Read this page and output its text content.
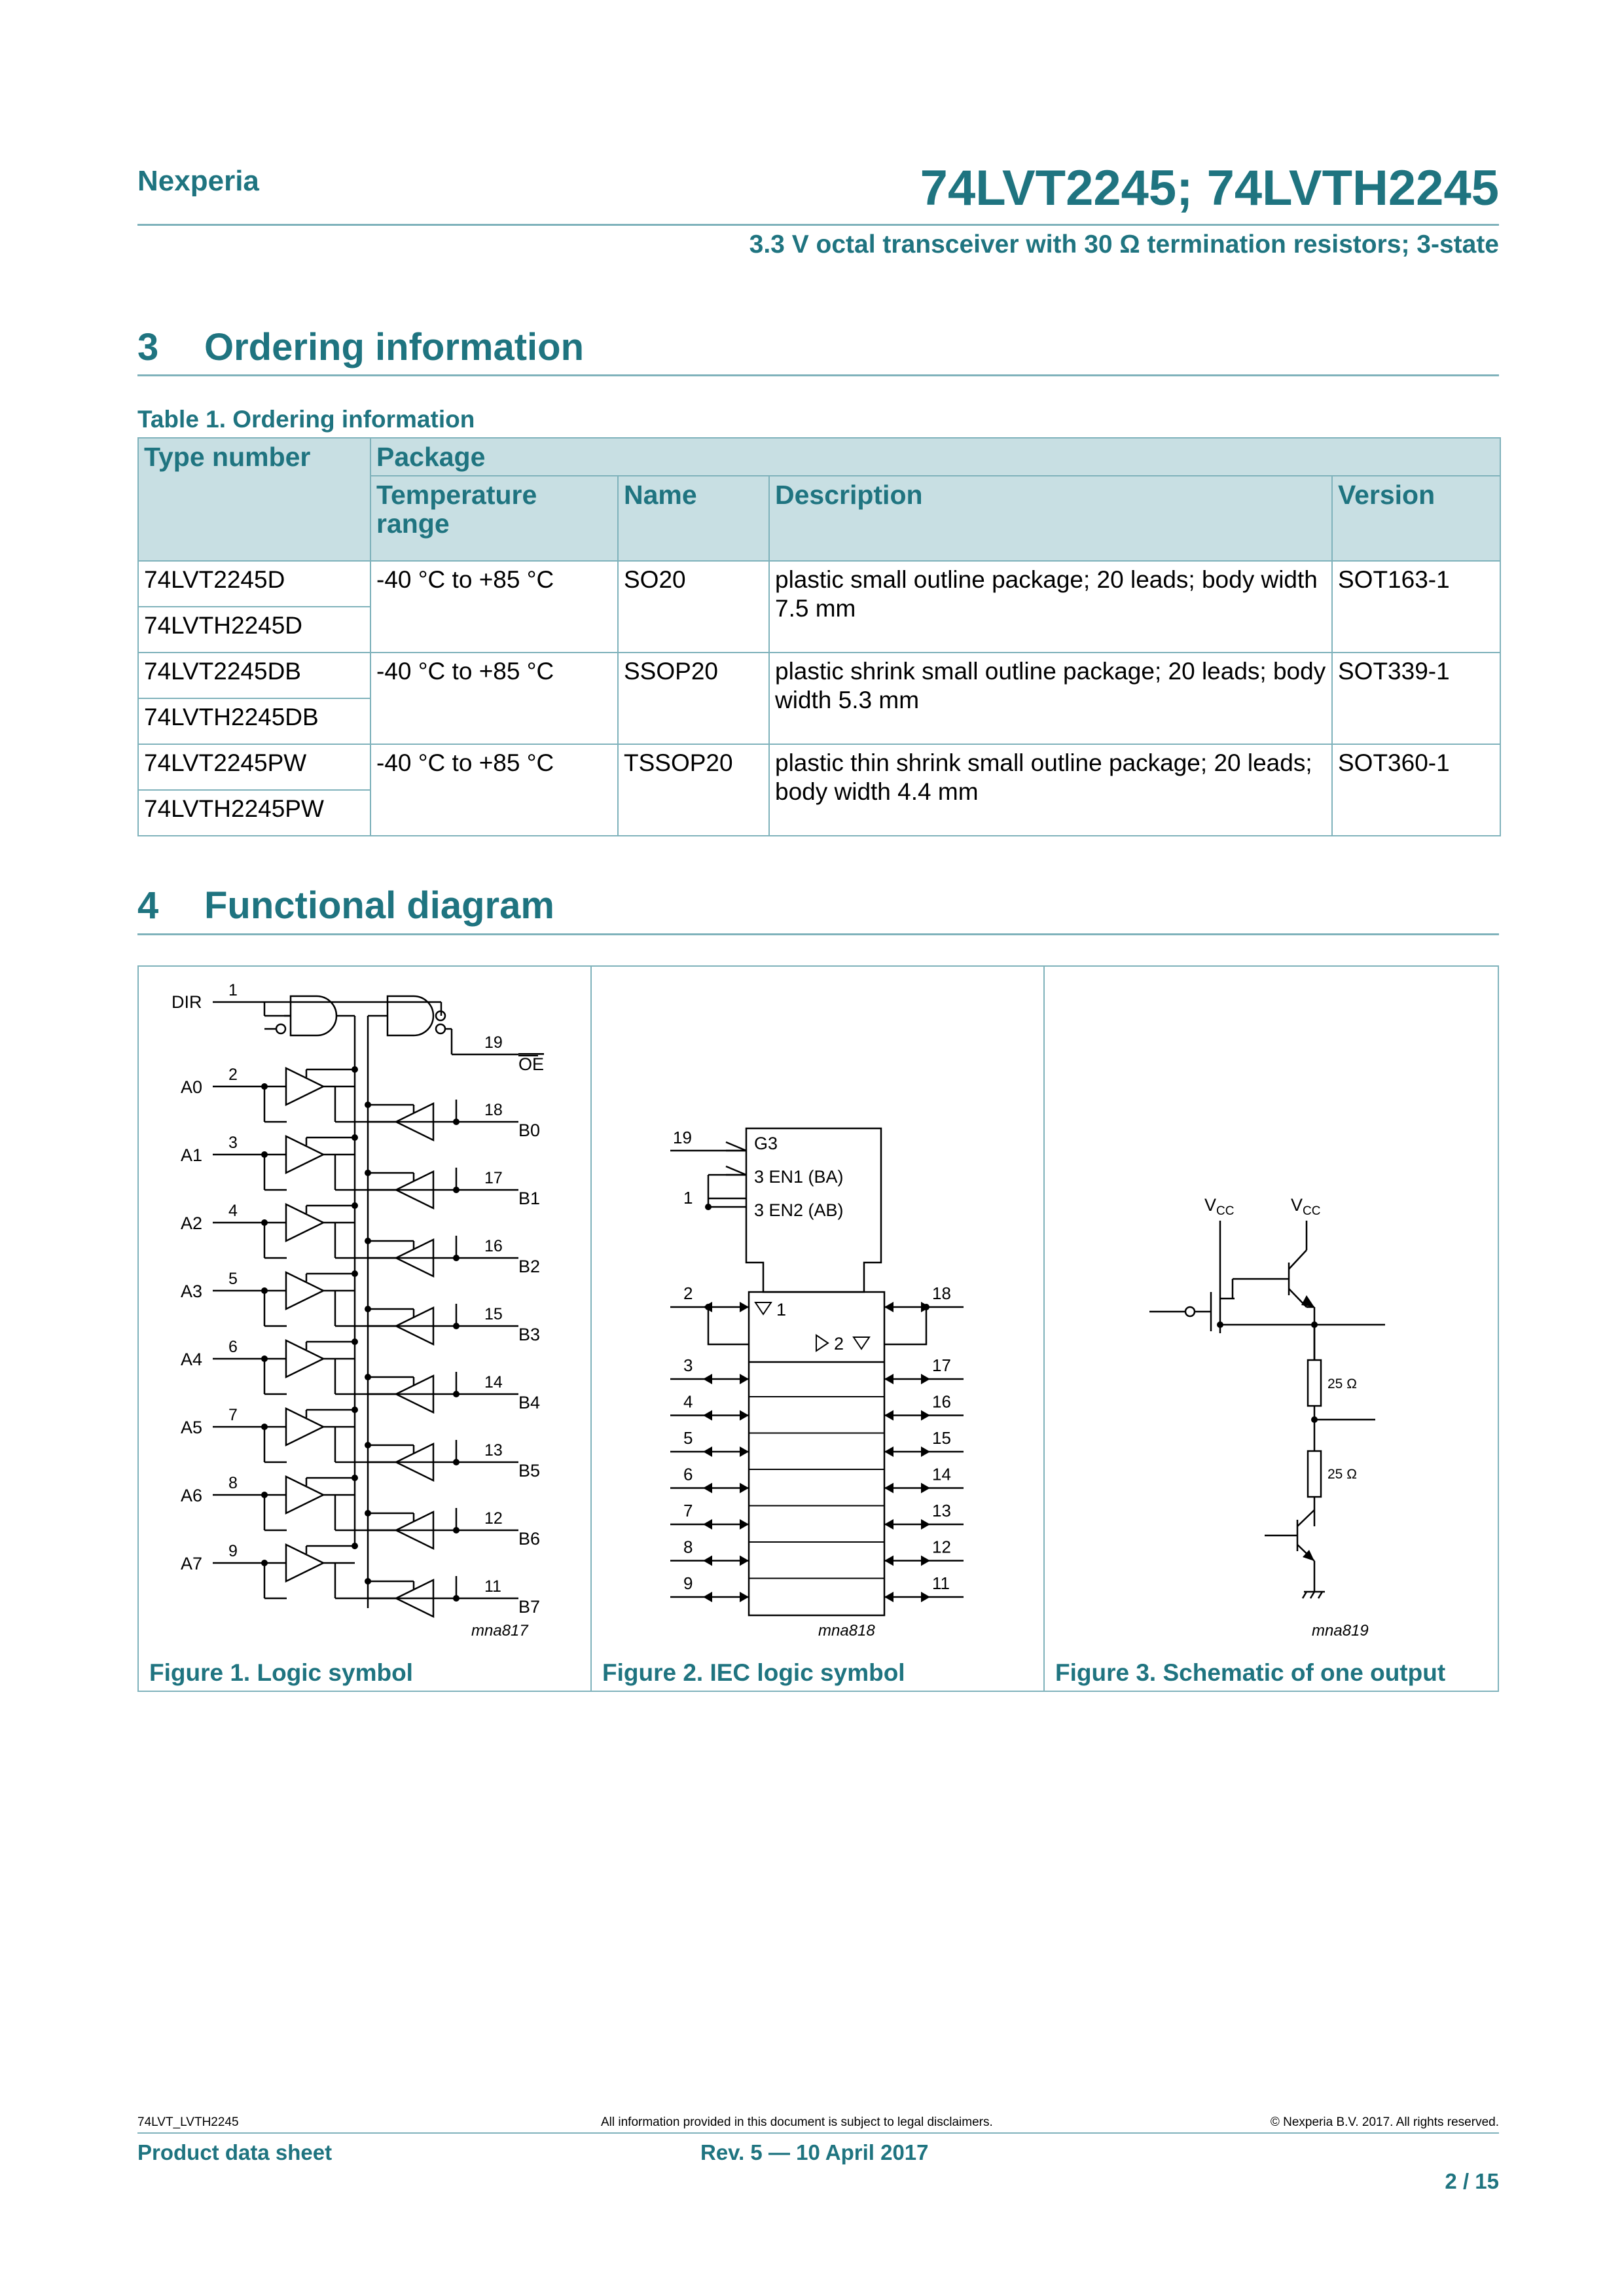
Nexperia	74LVT2245; 74LVTH2245
3.3 V octal transceiver with 30 Ω termination resistors; 3-state
3 Ordering information
Table 1. Ordering information
Type number	Package			
	Temperature range	Name	Description	Version
74LVT2245D	-40 °C to +85 °C	SO20	plastic small outline package; 20 leads; body width 7.5 mm	SOT163-1
74LVTH2245D				
74LVT2245DB	-40 °C to +85 °C	SSOP20	plastic shrink small outline package; 20 leads; body width 5.3 mm	SOT339-1
74LVTH2245DB				
74LVT2245PW	-40 °C to +85 °C	TSSOP20	plastic thin shrink small outline package; 20 leads; body width 4.4 mm	SOT360-1
74LVTH2245PW				
4 Functional diagram
DIR
1
19
OE
A0
2
B0
18
A1
3
B1
17
A2
4
B2
16
A3
5
B3
15
A4
6
B4
14
A5
7
B5
13
A6
8
B6
12
A7
9
B7
11
mna817
Figure 1. Logic symbol
19
1
G3
3 EN1 (BA)
3 EN2 (AB)
1
2
2	18
3	17
4	16
5	15
6	14
7	13
8	12
9	11
mna818
Figure 2. IEC logic symbol
$V_{CC}$	$V_{CC}$
25 Ω
25 Ω
mna819
Figure 3. Schematic of one output
74LVT_LVTH2245	All information provided in this document is subject to legal disclaimers.	© Nexperia B.V. 2017. All rights reserved.
Product data sheet	Rev. 5 — 10 April 2017
2 / 15
